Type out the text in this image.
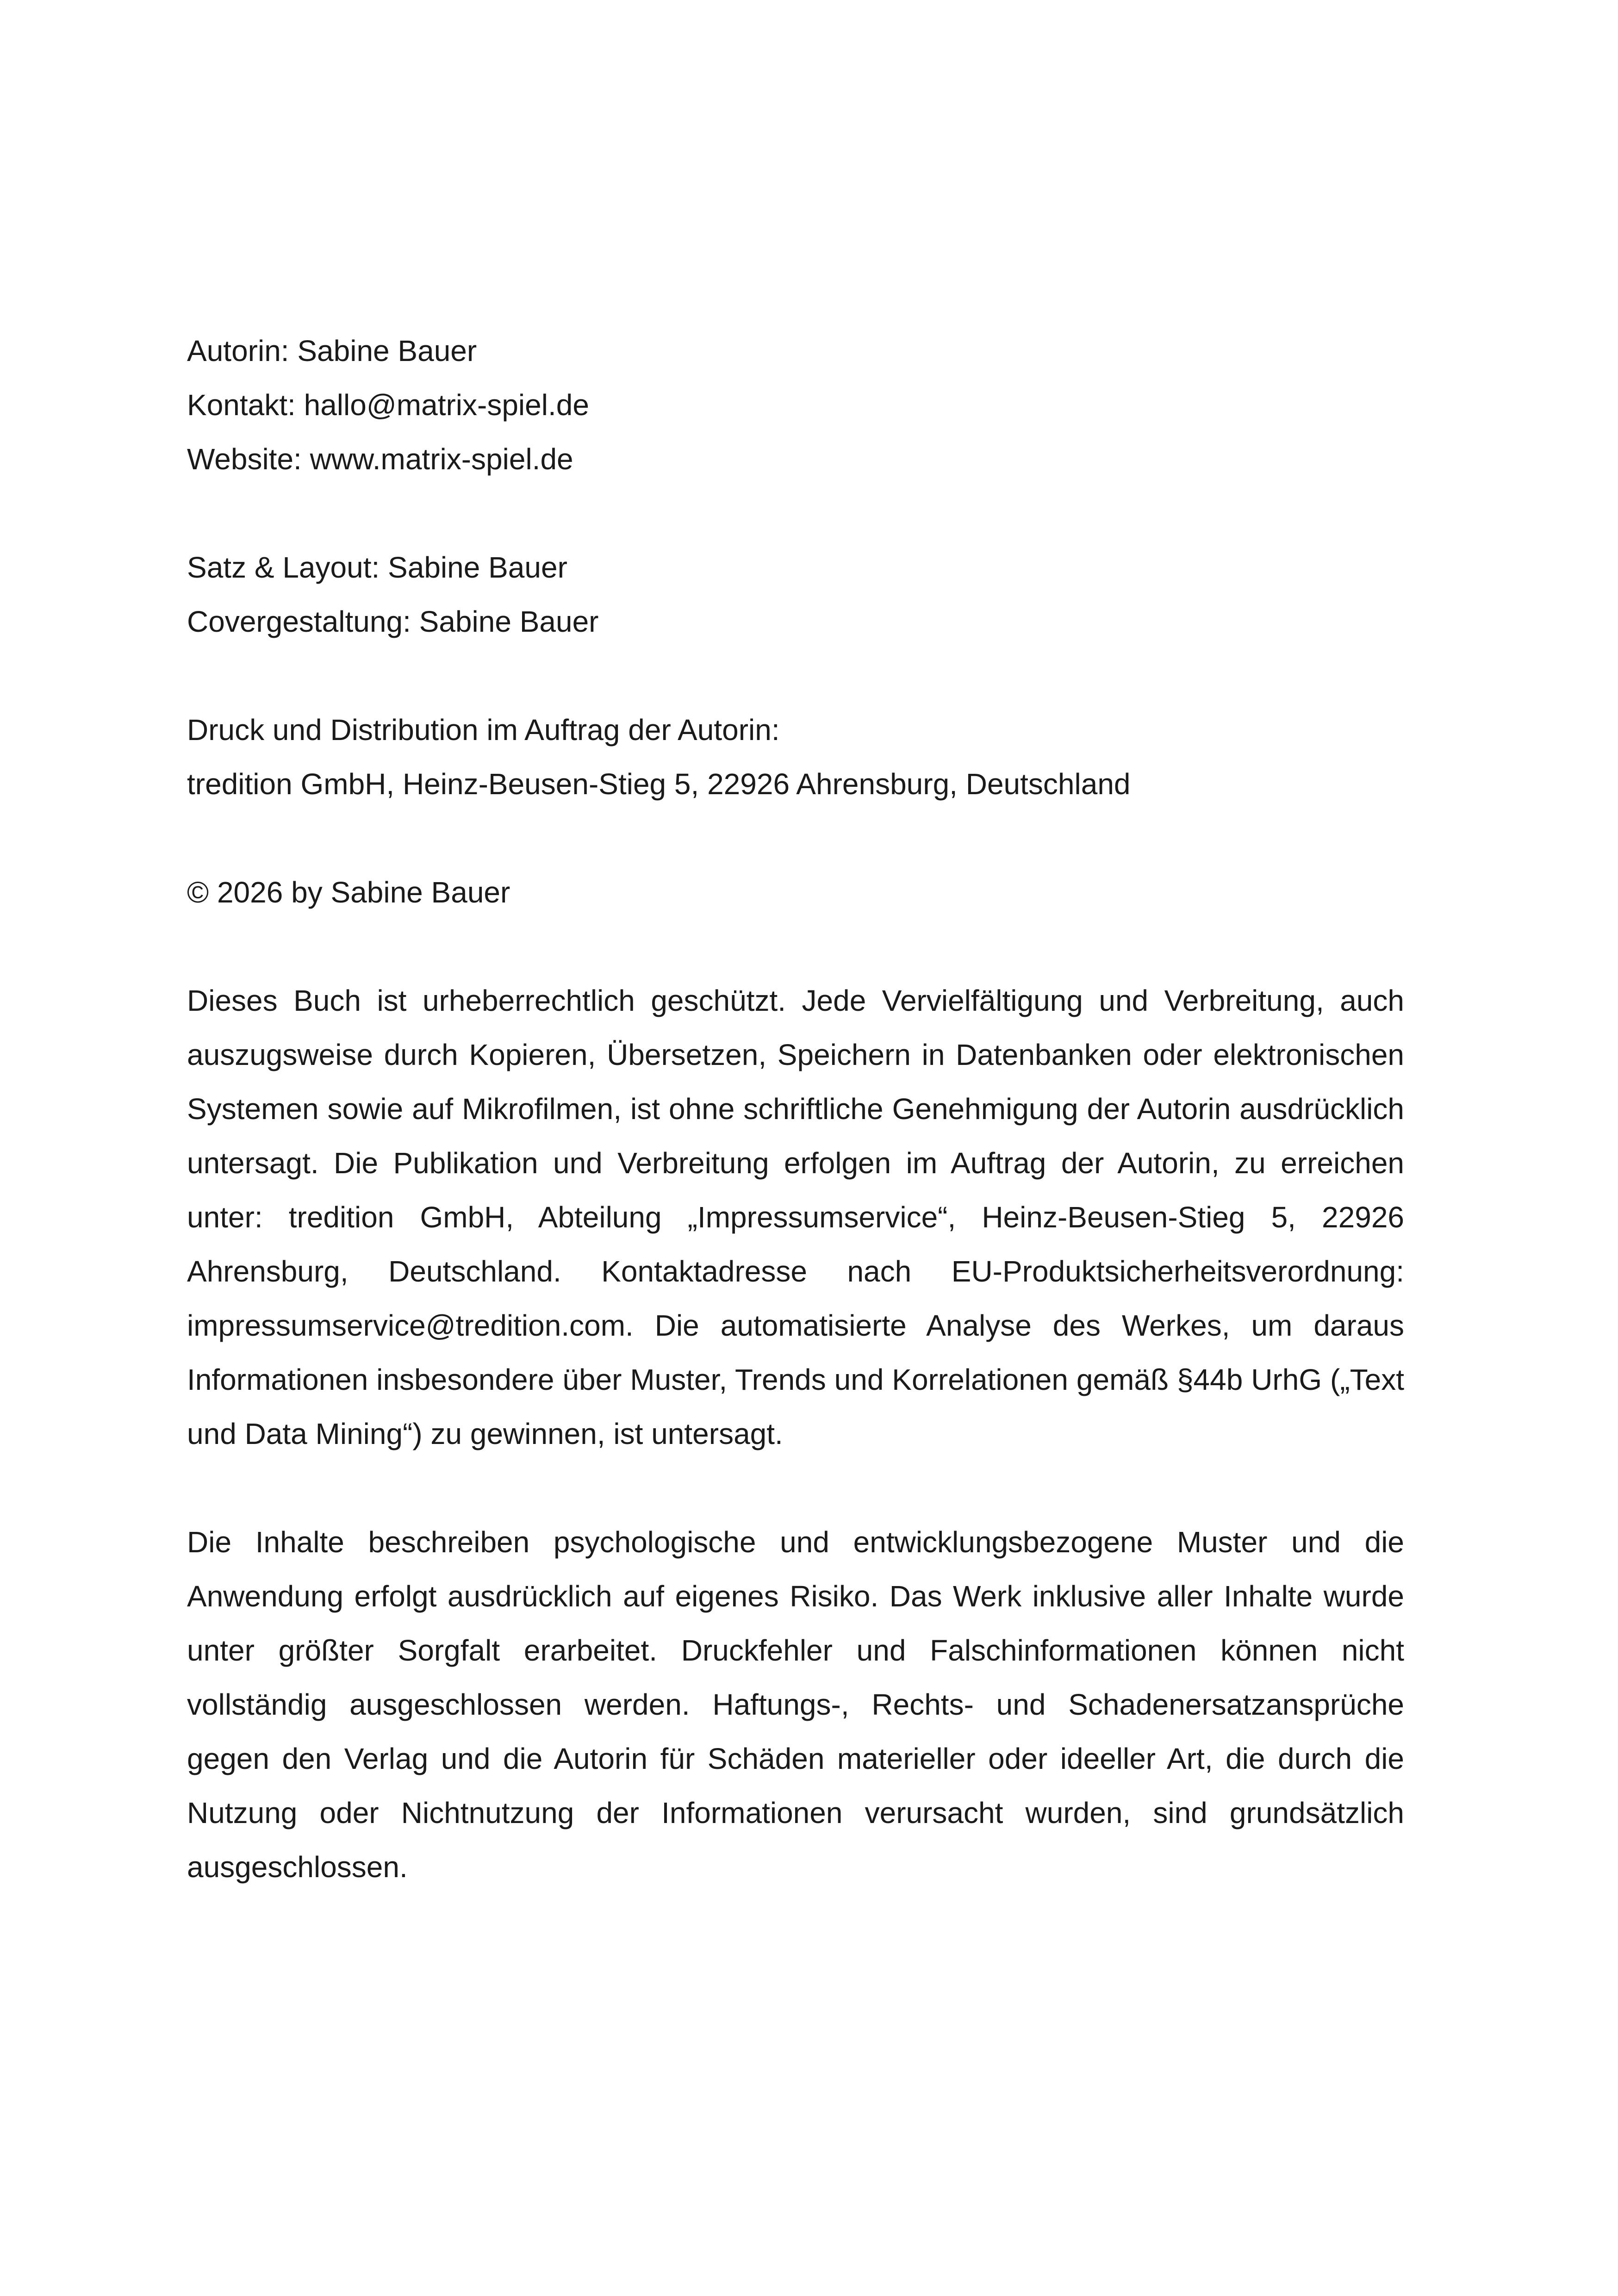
Autorin: Sabine Bauer
Kontakt: hallo@matrix-spiel.de
Website: www.matrix-spiel.de
Satz & Layout: Sabine Bauer
Covergestaltung: Sabine Bauer
Druck und Distribution im Auftrag der Autorin:
tredition GmbH, Heinz-Beusen-Stieg 5, 22926 Ahrensburg, Deutschland
© 2026 by Sabine Bauer

Dieses Buch ist urheberrechtlich geschützt. Jede Vervielfältigung und Verbreitung, auch auszugsweise durch Kopieren, Übersetzen, Speichern in Datenbanken oder elektronischen Systemen sowie auf Mikrofilmen, ist ohne schriftliche Genehmigung der Autorin ausdrücklich untersagt. Die Publikation und Verbreitung erfolgen im Auftrag der Autorin, zu erreichen unter: tredition GmbH, Abteilung „Impressumservice“, Heinz-Beusen-Stieg 5, 22926 Ahrensburg, Deutschland. Kontaktadresse nach EU-Produktsicherheitsverordnung: impressumservice@tredition.com. Die automatisierte Analyse des Werkes, um daraus Informationen insbesondere über Muster, Trends und Korrelationen gemäß §44b UrhG („Text und Data Mining“) zu gewinnen, ist untersagt.

Die Inhalte beschreiben psychologische und entwicklungsbezogene Muster und die Anwendung erfolgt ausdrücklich auf eigenes Risiko. Das Werk inklusive aller Inhalte wurde unter größter Sorgfalt erarbeitet. Druckfehler und Falschinformationen können nicht vollständig ausgeschlossen werden. Haftungs-, Rechts- und Schadenersatzansprüche gegen den Verlag und die Autorin für Schäden materieller oder ideeller Art, die durch die Nutzung oder Nichtnutzung der Informationen verursacht wurden, sind grundsätzlich ausgeschlossen.
